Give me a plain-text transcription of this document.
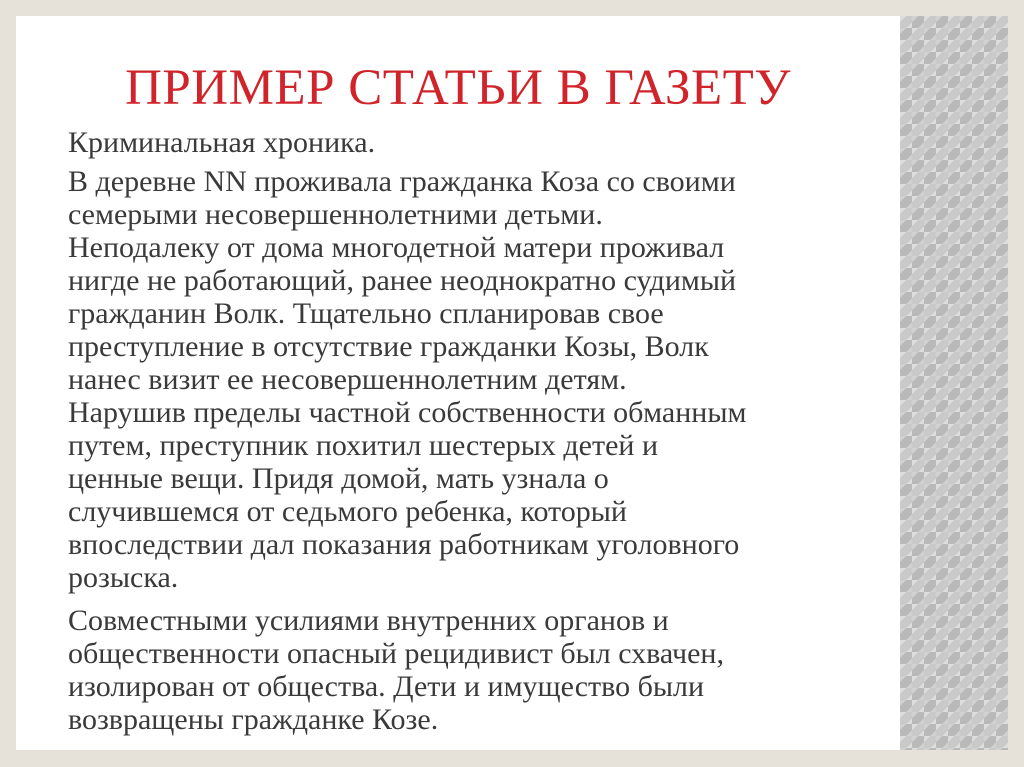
ПРИМЕР СТАТЬИ В ГАЗЕТУ

Криминальная хроника.

В деревне NN проживала гражданка Коза со своими
семерыми несовершеннолетними детьми.
Неподалеку от дома многодетной матери проживал
нигде не работающий, ранее неоднократно судимый
гражданин Волк. Тщательно спланировав свое
преступление в отсутствие гражданки Козы, Волк
нанес визит ее несовершеннолетним детям.
Нарушив пределы частной собственности обманным
путем, преступник похитил шестерых детей и
ценные вещи. Придя домой, мать узнала о
случившемся от седьмого ребенка, который
впоследствии дал показания работникам уголовного
розыска.

Совместными усилиями внутренних органов и
общественности опасный рецидивист был схвачен,
изолирован от общества. Дети и имущество были
возвращены гражданке Козе.
